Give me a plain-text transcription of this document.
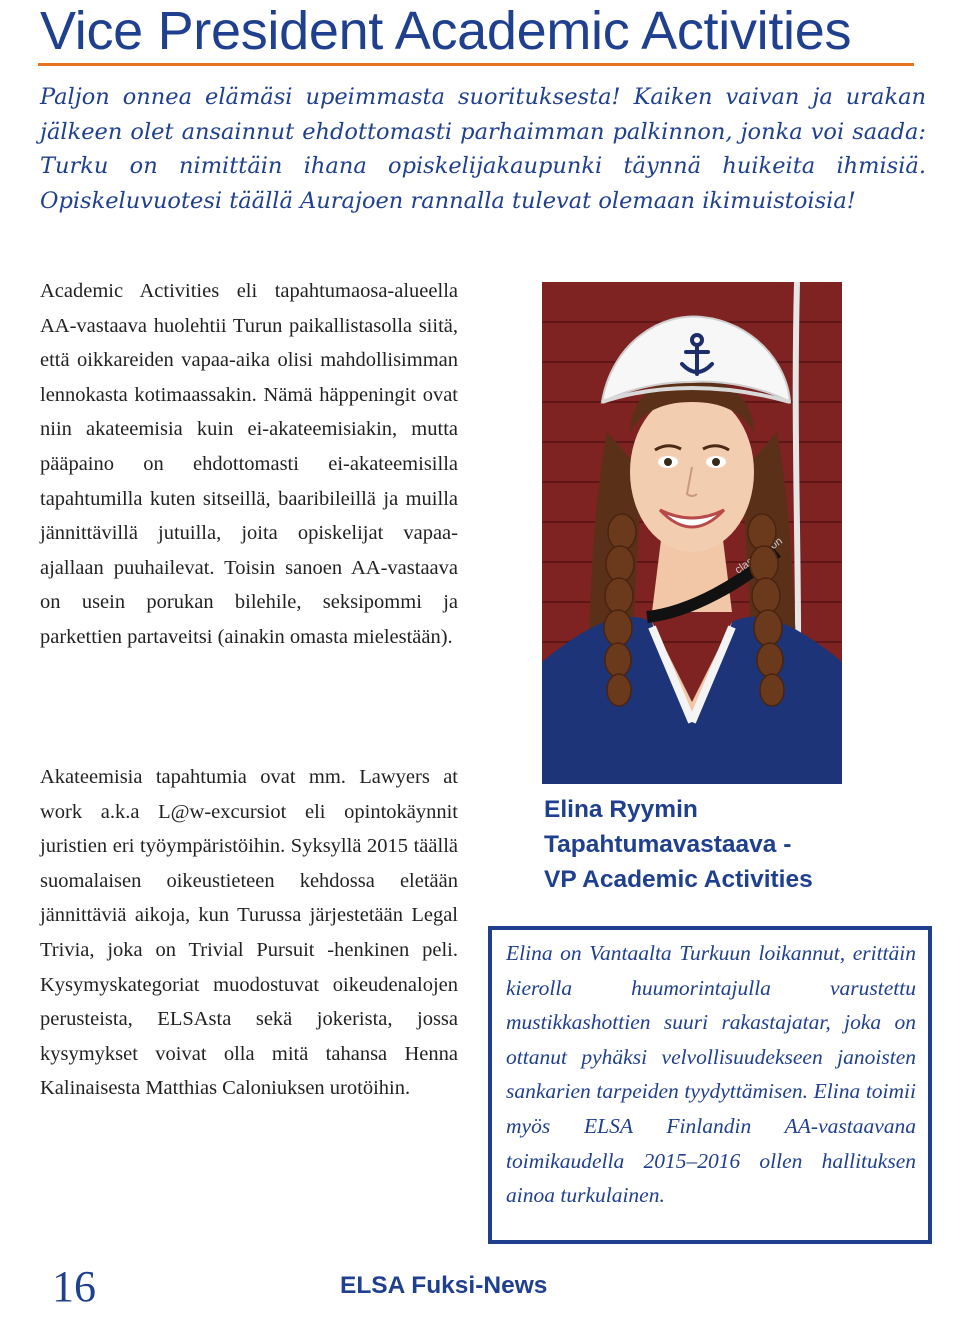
Vice President Academic Activities

Paljon onnea elämäsi upeimmasta suorituksesta! Kaiken vaivan ja urakan jälkeen olet ansainnut ehdottomasti parhaimman palkinnon, jonka voi saada: Turku on nimittäin ihana opiskelijakaupunki täynnä huikeita ihmisiä. Opiskeluvuotesi täällä Aurajoen rannalla tulevat olemaan ikimuistoisia!

Academic Activities eli tapahtumaosa-alueella AA-vastaava huolehtii Turun paikallistasolla siitä, että oikkareiden vapaa-aika olisi mahdollisimman lennokasta kotimaassakin. Nämä häppeningit ovat niin akateemisia kuin ei-akateemisiakin, mutta pääpaino on ehdottomasti ei-akateemisilla tapahtumilla kuten sitseillä, baaribileillä ja muilla jännittävillä jutuilla, joita opiskelijat vapaa-ajallaan puuhailevat. Toisin sanoen AA-vastaava on usein porukan bilehile, seksipommi ja parkettien partaveitsi (ainakin omasta mielestään).

Akateemisia tapahtumia ovat mm. Lawyers at work a.k.a L@w-excursiot eli opintokäynnit juristien eri työympäristöihin. Syksyllä 2015 täällä suomalaisen oikeustieteen kehdossa eletään jännittäviä aikoja, kun Turussa järjestetään Legal Trivia, joka on Trivial Pursuit -henkinen peli. Kysymyskategoriat muodostuvat oikeudenalojen perusteista, ELSAsta sekä jokerista, jossa kysymykset voivat olla mitä tahansa Henna Kalinaisesta Matthias Caloniuksen urotöihin.

clas
Elina Ryymin
Tapahtumavastaava -
VP Academic Activities

Elina on Vantaalta Turkuun loikannut, erittäin kierolla huumorintajulla varustettu mustikkashottien suuri rakastajatar, joka on ottanut pyhäksi velvollisuudekseen janoisten sankarien tarpeiden tyydyttämisen. Elina toimii myös ELSA Finlandin AA-vastaavana toimikaudella 2015–2016 ollen hallituksen ainoa turkulainen.

16	ELSA Fuksi-News
